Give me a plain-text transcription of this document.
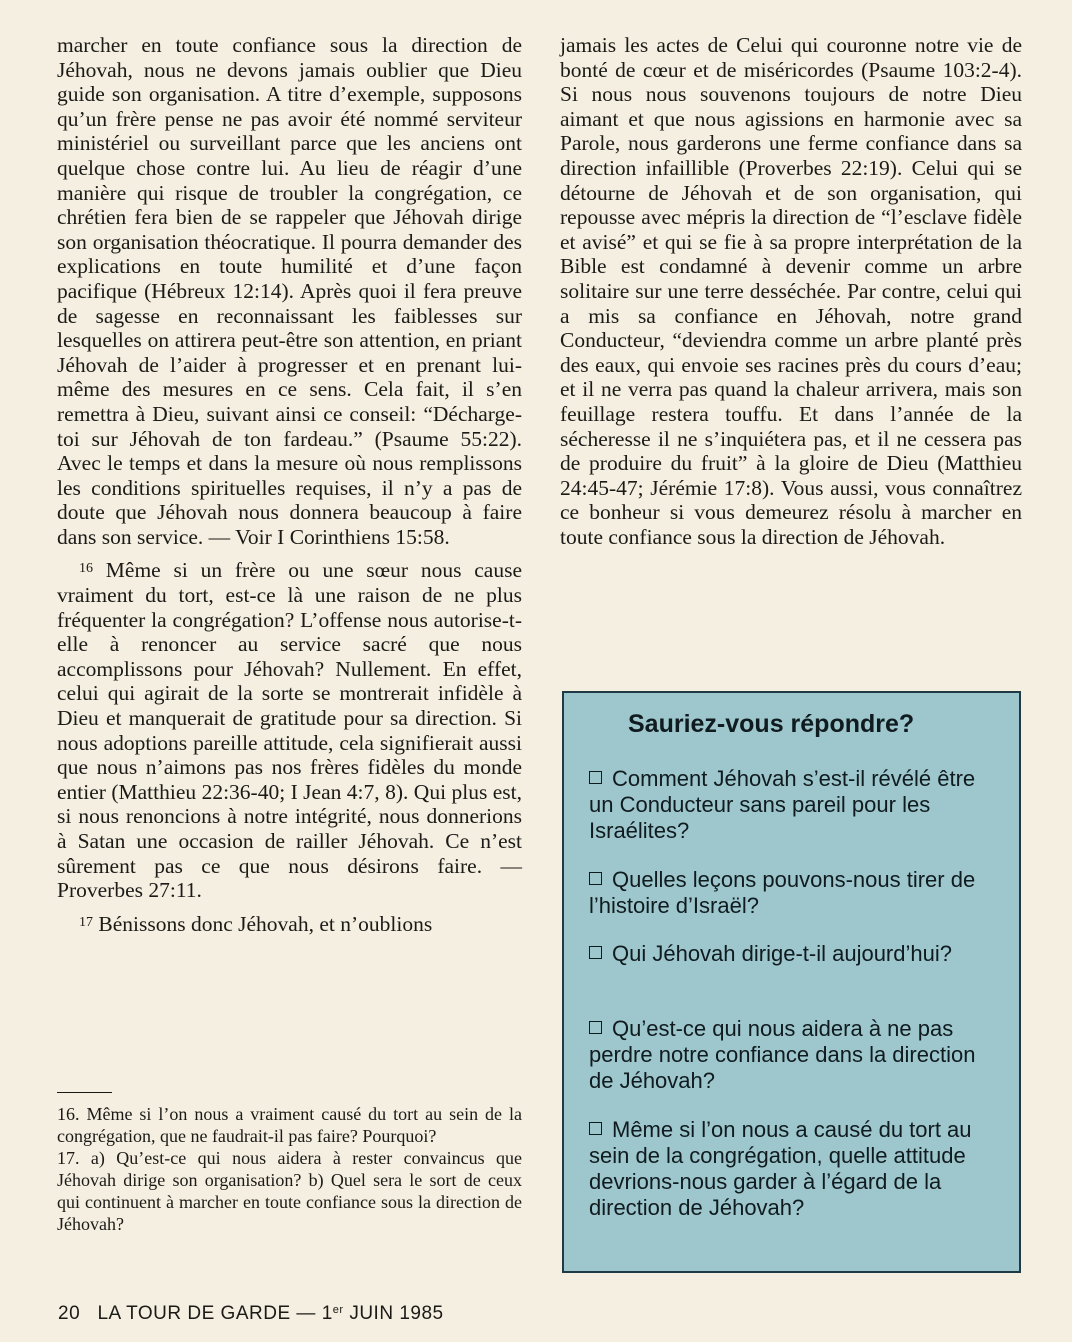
marcher en toute confiance sous la direction de Jéhovah, nous ne devons jamais oublier que Dieu guide son organisation. A titre d’exemple, supposons qu’un frère pense ne pas avoir été nommé serviteur ministériel ou surveillant parce que les anciens ont quelque chose contre lui. Au lieu de réagir d’une manière qui risque de troubler la congrégation, ce chrétien fera bien de se rappeler que Jéhovah dirige son organisation théocratique. Il pourra demander des explications en toute humilité et d’une façon pacifique (Hébreux 12:14). Après quoi il fera preuve de sagesse en reconnaissant les faiblesses sur lesquelles on attirera peut-être son attention, en priant Jéhovah de l’aider à progresser et en prenant lui-même des mesures en ce sens. Cela fait, il s’en remettra à Dieu, suivant ainsi ce conseil: “Décharge-toi sur Jéhovah de ton fardeau.” (Psaume 55:22). Avec le temps et dans la mesure où nous remplissons les conditions spirituelles requises, il n’y a pas de doute que Jéhovah nous donnera beaucoup à faire dans son service. — Voir I Corinthiens 15:58.

$^{16}$ Même si un frère ou une sœur nous cause vraiment du tort, est-ce là une raison de ne plus fréquenter la congrégation? L’offense nous autorise-t-elle à renoncer au service sacré que nous accomplissons pour Jéhovah? Nullement. En effet, celui qui agirait de la sorte se montrerait infidèle à Dieu et manquerait de gratitude pour sa direction. Si nous adoptions pareille attitude, cela signifierait aussi que nous n’aimons pas nos frères fidèles du monde entier (Matthieu 22:36-40; I Jean 4:7, 8). Qui plus est, si nous renoncions à notre intégrité, nous donnerions à Satan une occasion de railler Jéhovah. Ce n’est sûrement pas ce que nous désirons faire. — Proverbes 27:11.

$^{17}$ Bénissons donc Jéhovah, et n’oublions

16. Même si l’on nous a vraiment causé du tort au sein de la congrégation, que ne faudrait-il pas faire? Pourquoi?

17. a) Qu’est-ce qui nous aidera à rester convaincus que Jéhovah dirige son organisation? b) Quel sera le sort de ceux qui continuent à marcher en toute confiance sous la direction de Jéhovah?

jamais les actes de Celui qui couronne notre vie de bonté de cœur et de miséricordes (Psaume 103:2-4). Si nous nous souvenons toujours de notre Dieu aimant et que nous agissions en harmonie avec sa Parole, nous garderons une ferme confiance dans sa direction infaillible (Proverbes 22:19). Celui qui se détourne de Jéhovah et de son organisation, qui repousse avec mépris la direction de “l’esclave fidèle et avisé” et qui se fie à sa propre interprétation de la Bible est condamné à devenir comme un arbre solitaire sur une terre desséchée. Par contre, celui qui a mis sa confiance en Jéhovah, notre grand Conducteur, “deviendra comme un arbre planté près des eaux, qui envoie ses racines près du cours d’eau; et il ne verra pas quand la chaleur arrivera, mais son feuillage restera touffu. Et dans l’année de la sécheresse il ne s’inquiétera pas, et il ne cessera pas de produire du fruit” à la gloire de Dieu (Matthieu 24:45-47; Jérémie 17:8). Vous aussi, vous connaîtrez ce bonheur si vous demeurez résolu à marcher en toute confiance sous la direction de Jéhovah.

Sauriez-vous répondre?
Comment Jéhovah s’est-il révélé être un Conducteur sans pareil pour les Israélites?
Quelles leçons pouvons-nous tirer de l’histoire d’Israël?
Qui Jéhovah dirige-t-il aujourd’hui?
Qu’est-ce qui nous aidera à ne pas perdre notre confiance dans la direction de Jéhovah?
Même si l’on nous a causé du tort au sein de la congrégation, quelle attitude devrions-nous garder à l’égard de la direction de Jéhovah?
20 LA TOUR DE GARDE — 1er JUIN 1985
